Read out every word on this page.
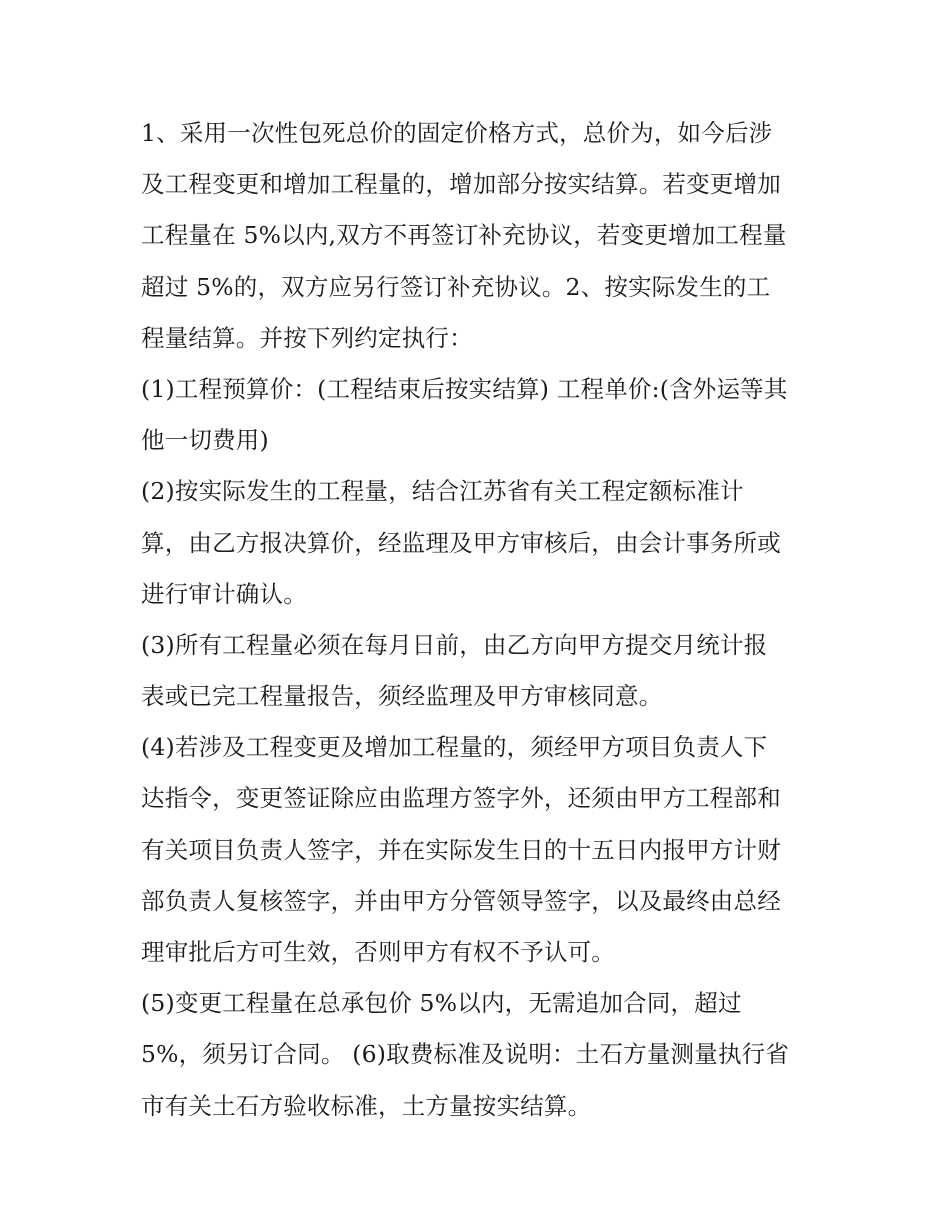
1、采用一次性包死总价的固定价格方式，总价为，如今后涉
及工程变更和增加工程量的，增加部分按实结算。若变更增加
工程量在 5%以内,双方不再签订补充协议，若变更增加工程量
超过 5%的，双方应另行签订补充协议。2、按实际发生的工
程量结算。并按下列约定执行：
(1)工程预算价：(工程结束后按实结算) 工程单价:(含外运等其
他一切费用)
(2)按实际发生的工程量，结合江苏省有关工程定额标准计
算，由乙方报决算价，经监理及甲方审核后，由会计事务所或
进行审计确认。
(3)所有工程量必须在每月日前，由乙方向甲方提交月统计报
表或已完工程量报告，须经监理及甲方审核同意。
(4)若涉及工程变更及增加工程量的，须经甲方项目负责人下
达指令，变更签证除应由监理方签字外，还须由甲方工程部和
有关项目负责人签字，并在实际发生日的十五日内报甲方计财
部负责人复核签字，并由甲方分管领导签字，以及最终由总经
理审批后方可生效，否则甲方有权不予认可。
(5)变更工程量在总承包价 5%以内，无需追加合同，超过
5%，须另订合同。 (6)取费标准及说明：土石方量测量执行省
市有关土石方验收标准，土方量按实结算。
